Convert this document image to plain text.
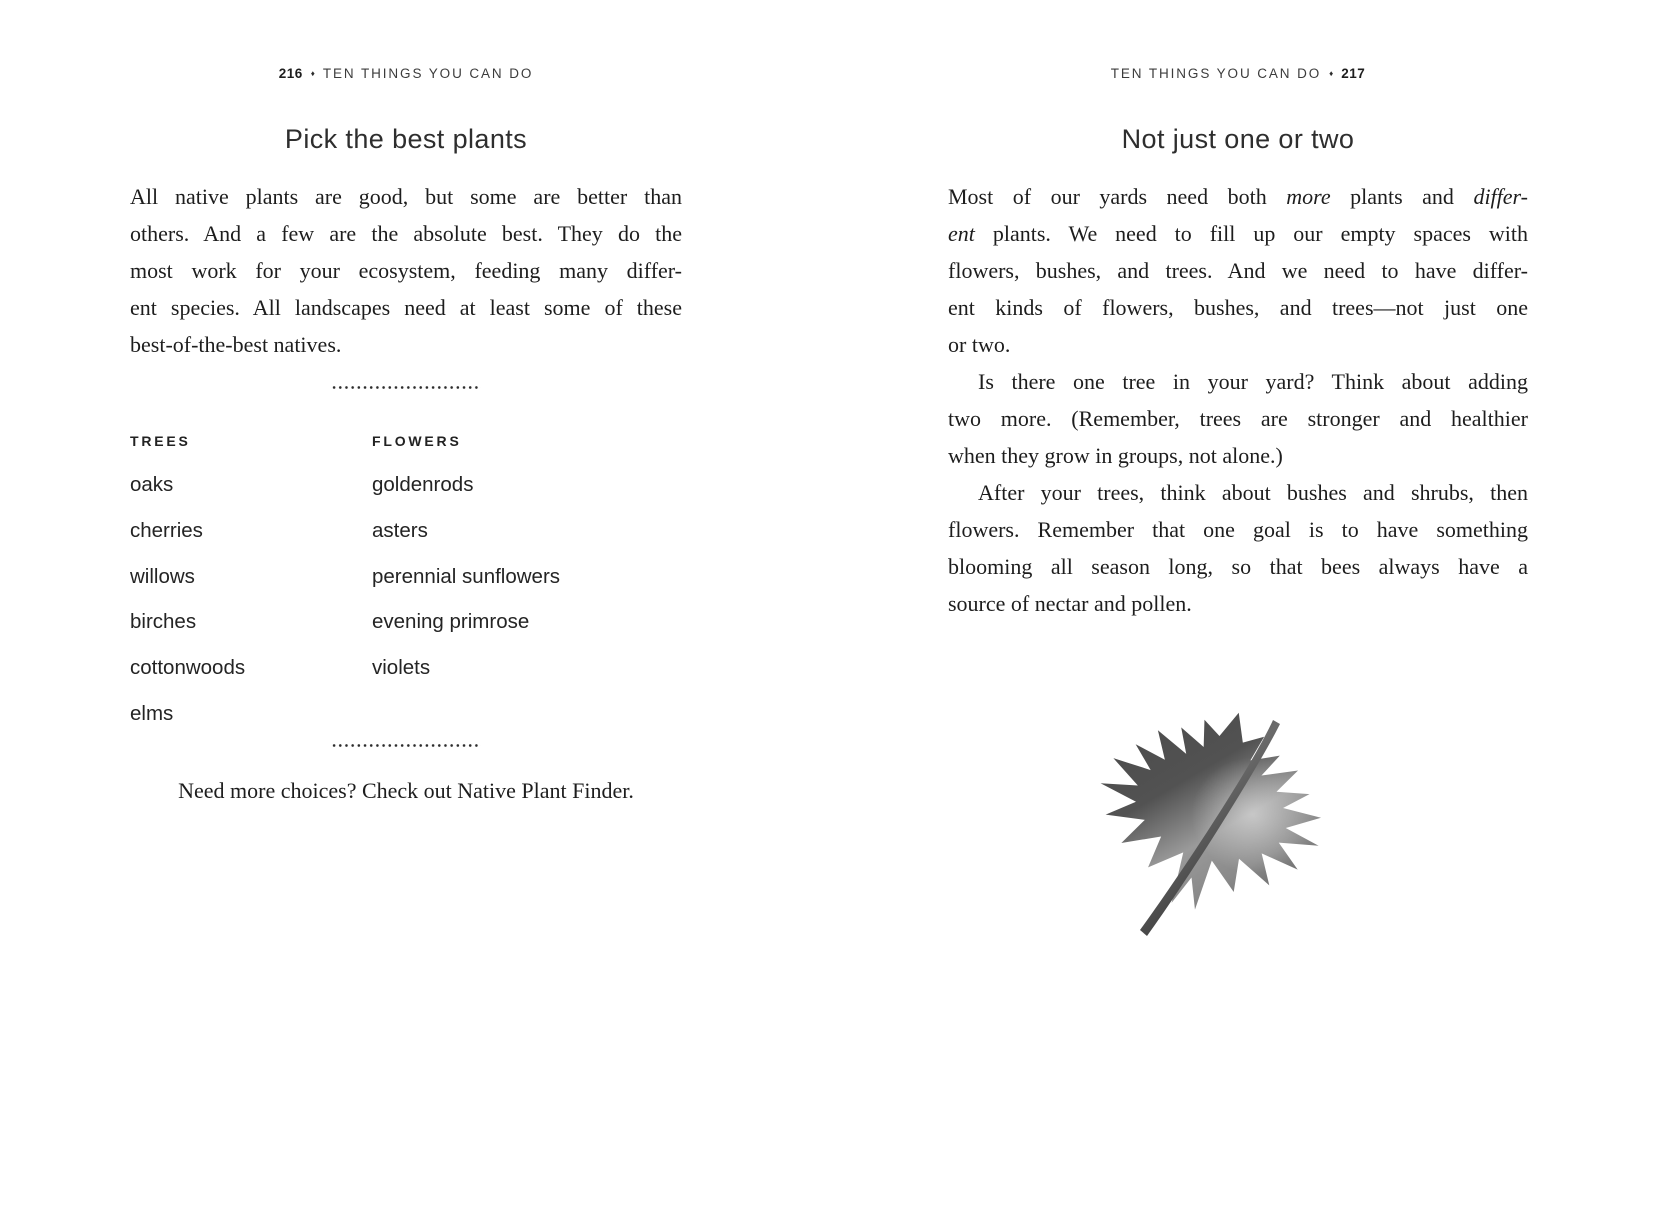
216 ♦ TEN THINGS YOU CAN DO
Pick the best plants
All native plants are good, but some are better than
others. And a few are the absolute best. They do the
most work for your ecosystem, feeding many differ-
ent species. All landscapes need at least some of these
best-of-the-best natives.
TREES
oaks
cherries
willows
birches
cottonwoods
elms
FLOWERS
goldenrods
asters
perennial sunflowers
evening primrose
violets

Need more choices? Check out Native Plant Finder.

TEN THINGS YOU CAN DO ♦ 217
Not just one or two
Most of our yards need both more plants and differ-
ent plants. We need to fill up our empty spaces with
flowers, bushes, and trees. And we need to have differ-
ent kinds of flowers, bushes, and trees—not just one
or two.
Is there one tree in your yard? Think about adding
two more. (Remember, trees are stronger and healthier
when they grow in groups, not alone.)
After your trees, think about bushes and shrubs, then
flowers. Remember that one goal is to have something
blooming all season long, so that bees always have a
source of nectar and pollen.
